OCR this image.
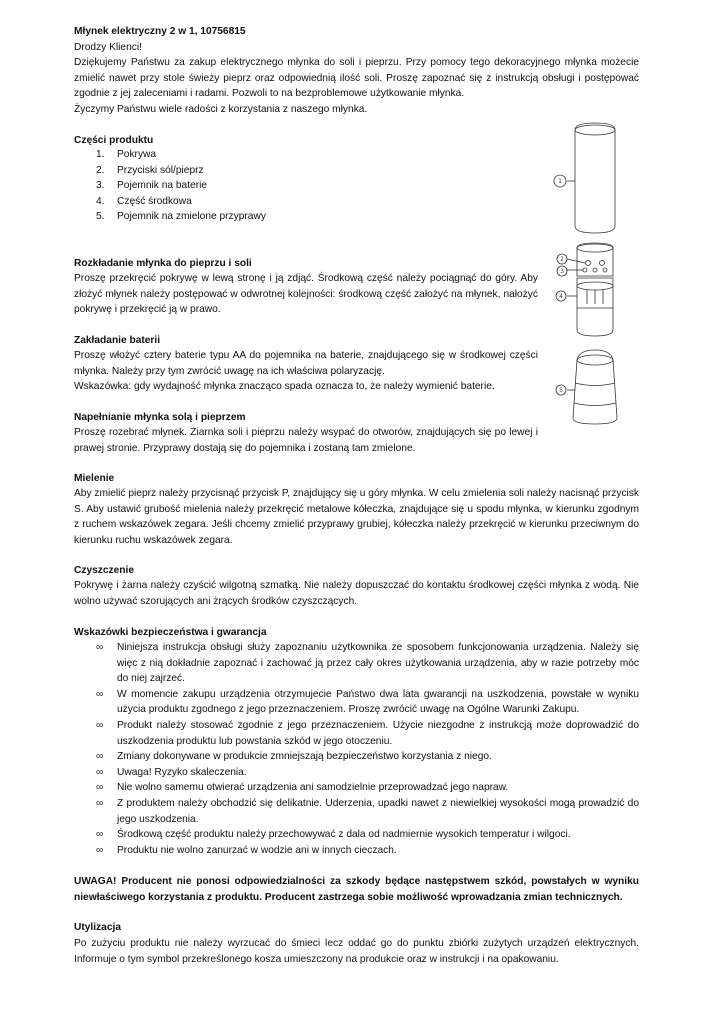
Młynek elektryczny 2 w 1, 10756815
Drodzy Klienci!
Dziękujemy Państwu za zakup elektrycznego młynka do soli i pieprzu. Przy pomocy tego dekoracyjnego młynka możecie zmielić nawet przy stole świeży pieprz oraz odpowiednią ilość soli. Proszę zapoznać się z instrukcją obsługi i postępować zgodnie z jej zaleceniami i radami. Pozwoli to na bezproblemowe użytkowanie młynka.
Życzymy Państwu wiele radości z korzystania z naszego młynka.
Części produktu
1.	Pokrywa
2.	Przyciski sól/pieprz
3.	Pojemnik na baterie
4.	Część środkowa
5.	Pojemnik na zmielone przyprawy
1
2
3
4
5
Rozkładanie młynka do pieprzu i soli
Proszę przekręcić pokrywę w lewą stronę i ją zdjąć. Środkową część należy pociągnąć do góry. Aby złożyć młynek należy postępować w odwrotnej kolejności: środkową część założyć na młynek, nałożyć pokrywę i przekręcić ją w prawo.
Zakładanie baterii
Proszę włożyć cztery baterie typu AA do pojemnika na baterie, znajdującego się w środkowej części młynka. Należy przy tym zwrócić uwagę na ich właściwa polaryzację.
Wskazówka: gdy wydajność młynka znacząco spada oznacza to, że należy wymienić baterie.
Napełnianie młynka solą i pieprzem
Proszę rozebrać młynek. Ziarnka soli i pieprzu należy wsypać do otworów, znajdujących się po lewej i prawej stronie. Przyprawy dostają się do pojemnika i zostaną tam zmielone.
Mielenie
Aby zmielić pieprz należy przycisnąć przycisk P, znajdujący się u góry młynka. W celu zmielenia soli należy nacisnąć przycisk S. Aby ustawić grubość mielenia należy przekręcić metalowe kółeczka, znajdujące się u spodu młynka, w kierunku zgodnym z ruchem wskazówek zegara. Jeśli chcemy zmielić przyprawy grubiej, kółeczka należy przekręcić w kierunku przeciwnym do kierunku ruchu wskazówek zegara.
Czyszczenie
Pokrywę i żarna należy czyścić wilgotną szmatką. Nie należy dopuszczać do kontaktu środkowej części młynka z wodą. Nie wolno używać szorujących ani żrących środków czyszczących.
Wskazówki bezpieczeństwa i gwarancja
∞	Niniejsza instrukcja obsługi służy zapoznaniu użytkownika ze sposobem funkcjonowania urządzenia. Należy się więc z nią dokładnie zapoznać i zachować ją przez cały okres użytkowania urządzenia, aby w razie potrzeby móc do niej zajrzeć.
∞	W momencie zakupu urządzenia otrzymujecie Państwo dwa lata gwarancji na uszkodzenia, powstałe w wyniku użycia produktu zgodnego z jego przeznaczeniem. Proszę zwrócić uwagę na Ogólne Warunki Zakupu.
∞	Produkt należy stosować zgodnie z jego przeznaczeniem. Użycie niezgodne z instrukcją może doprowadzić do uszkodzenia produktu lub powstania szkód w jego otoczeniu.
∞	Zmiany dokonywane w produkcie zmniejszają bezpieczeństwo korzystania z niego.
∞	Uwaga! Ryzyko skaleczenia.
∞	Nie wolno samemu otwierać urządzenia ani samodzielnie przeprowadzać jego napraw.
∞	Z produktem należy obchodzić się delikatnie. Uderzenia, upadki nawet z niewielkiej wysokości mogą prowadzić do jego uszkodzenia.
∞	Środkową część produktu należy przechowywać z dala od nadmiernie wysokich temperatur i wilgoci.
∞	Produktu nie wolno zanurzać w wodzie ani w innych cieczach.
UWAGA! Producent nie ponosi odpowiedzialności za szkody będące następstwem szkód, powstałych w wyniku niewłaściwego korzystania z produktu. Producent zastrzega sobie możliwość wprowadzania zmian technicznych.
Utylizacja
Po zużyciu produktu nie należy wyrzucać do śmieci lecz oddać go do punktu zbiórki zużytych urządzeń elektrycznych. Informuje o tym symbol przekreślonego kosza umieszczony na produkcie oraz w instrukcji i na opakowaniu.
